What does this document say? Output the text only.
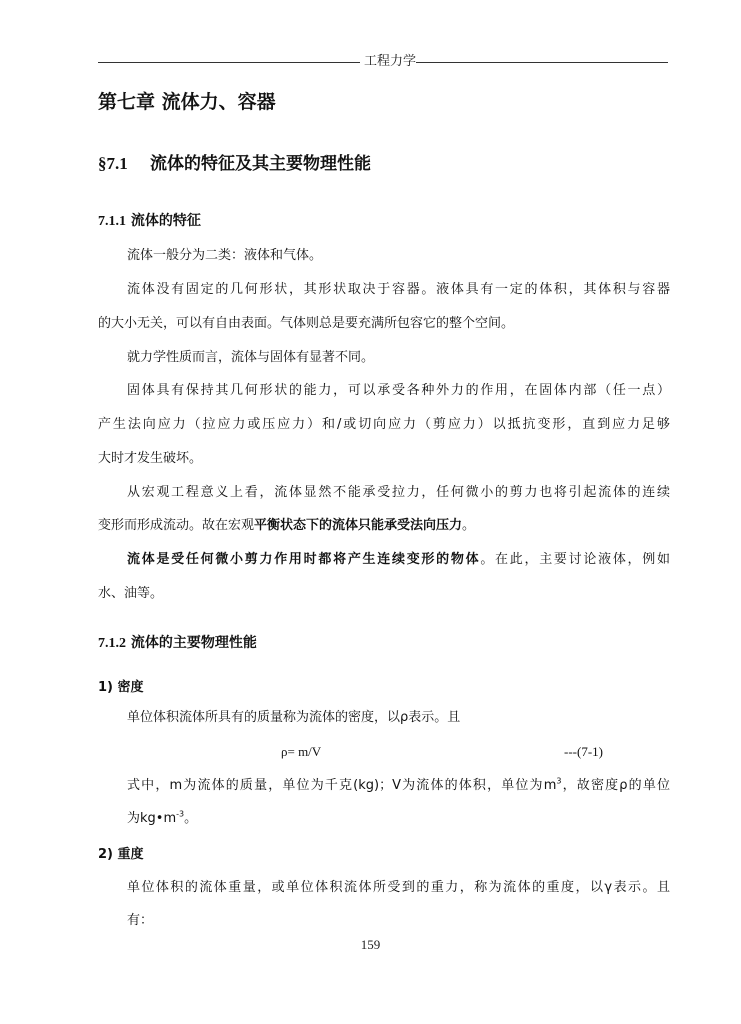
工程力学
第七章 流体力、容器
§7.1 流体的特征及其主要物理性能
7.1.1 流体的特征
流体一般分为二类：液体和气体。
流体没有固定的几何形状，其形状取决于容器。液体具有一定的体积，其体积与容器
的大小无关，可以有自由表面。气体则总是要充满所包容它的整个空间。
就力学性质而言，流体与固体有显著不同。
固体具有保持其几何形状的能力，可以承受各种外力的作用，在固体内部（任一点）
产生法向应力（拉应力或压应力）和/或切向应力（剪应力）以抵抗变形，直到应力足够
大时才发生破坏。
从宏观工程意义上看，流体显然不能承受拉力，任何微小的剪力也将引起流体的连续
变形而形成流动。故在宏观平衡状态下的流体只能承受法向压力。
流体是受任何微小剪力作用时都将产生连续变形的物体。在此，主要讨论液体，例如
水、油等。
7.1.2 流体的主要物理性能
1) 密度
单位体积流体所具有的质量称为流体的密度，以ρ表示。且
ρ= m/V	---(7-1)
式中，m为流体的质量，单位为千克(kg)；V为流体的体积，单位为$m^3$，故密度ρ的单位
为$kg•m^{-3}$。
2) 重度
单位体积的流体重量，或单位体积流体所受到的重力，称为流体的重度，以γ表示。且
有：
159
